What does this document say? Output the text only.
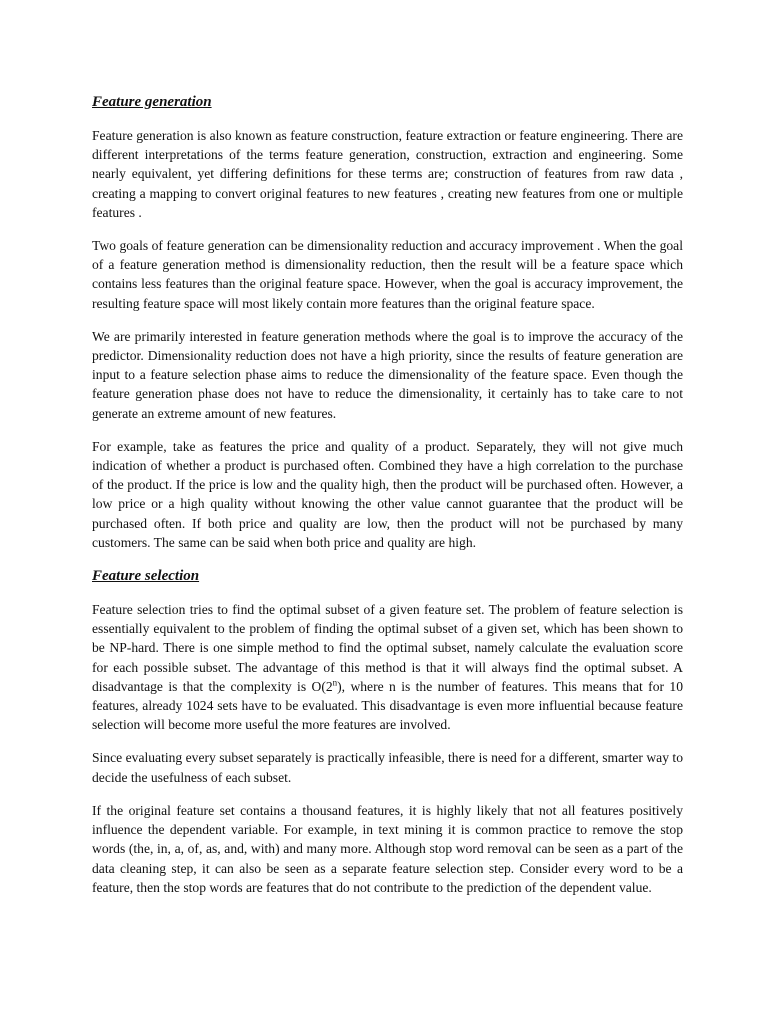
Feature generation

Feature generation is also known as feature construction, feature extraction or feature engineering. There are different interpretations of the terms feature generation, construction, extraction and engineering. Some nearly equivalent, yet differing definitions for these terms are; construction of features from raw data , creating a mapping to convert original features to new features , creating new features from one or multiple features .

Two goals of feature generation can be dimensionality reduction and accuracy improvement . When the goal of a feature generation method is dimensionality reduction, then the result will be a feature space which contains less features than the original feature space. However, when the goal is accuracy improvement, the resulting feature space will most likely contain more features than the original feature space.

We are primarily interested in feature generation methods where the goal is to improve the accuracy of the predictor. Dimensionality reduction does not have a high priority, since the results of feature generation are input to a feature selection phase aims to reduce the dimensionality of the feature space. Even though the feature generation phase does not have to reduce the dimensionality, it certainly has to take care to not generate an extreme amount of new features.

For example, take as features the price and quality of a product. Separately, they will not give much indication of whether a product is purchased often. Combined they have a high correlation to the purchase of the product. If the price is low and the quality high, then the product will be purchased often. However, a low price or a high quality without knowing the other value cannot guarantee that the product will be purchased often. If both price and quality are low, then the product will not be purchased by many customers. The same can be said when both price and quality are high.

Feature selection

Feature selection tries to find the optimal subset of a given feature set. The problem of feature selection is essentially equivalent to the problem of finding the optimal subset of a given set, which has been shown to be NP-hard. There is one simple method to find the optimal subset, namely calculate the evaluation score for each possible subset. The advantage of this method is that it will always find the optimal subset. A disadvantage is that the complexity is O(2$^n$), where n is the number of features. This means that for 10 features, already 1024 sets have to be evaluated. This disadvantage is even more influential because feature selection will become more useful the more features are involved.

Since evaluating every subset separately is practically infeasible, there is need for a different, smarter way to decide the usefulness of each subset.

If the original feature set contains a thousand features, it is highly likely that not all features positively influence the dependent variable. For example, in text mining it is common practice to remove the stop words (the, in, a, of, as, and, with) and many more. Although stop word removal can be seen as a part of the data cleaning step, it can also be seen as a separate feature selection step. Consider every word to be a feature, then the stop words are features that do not contribute to the prediction of the dependent value.
